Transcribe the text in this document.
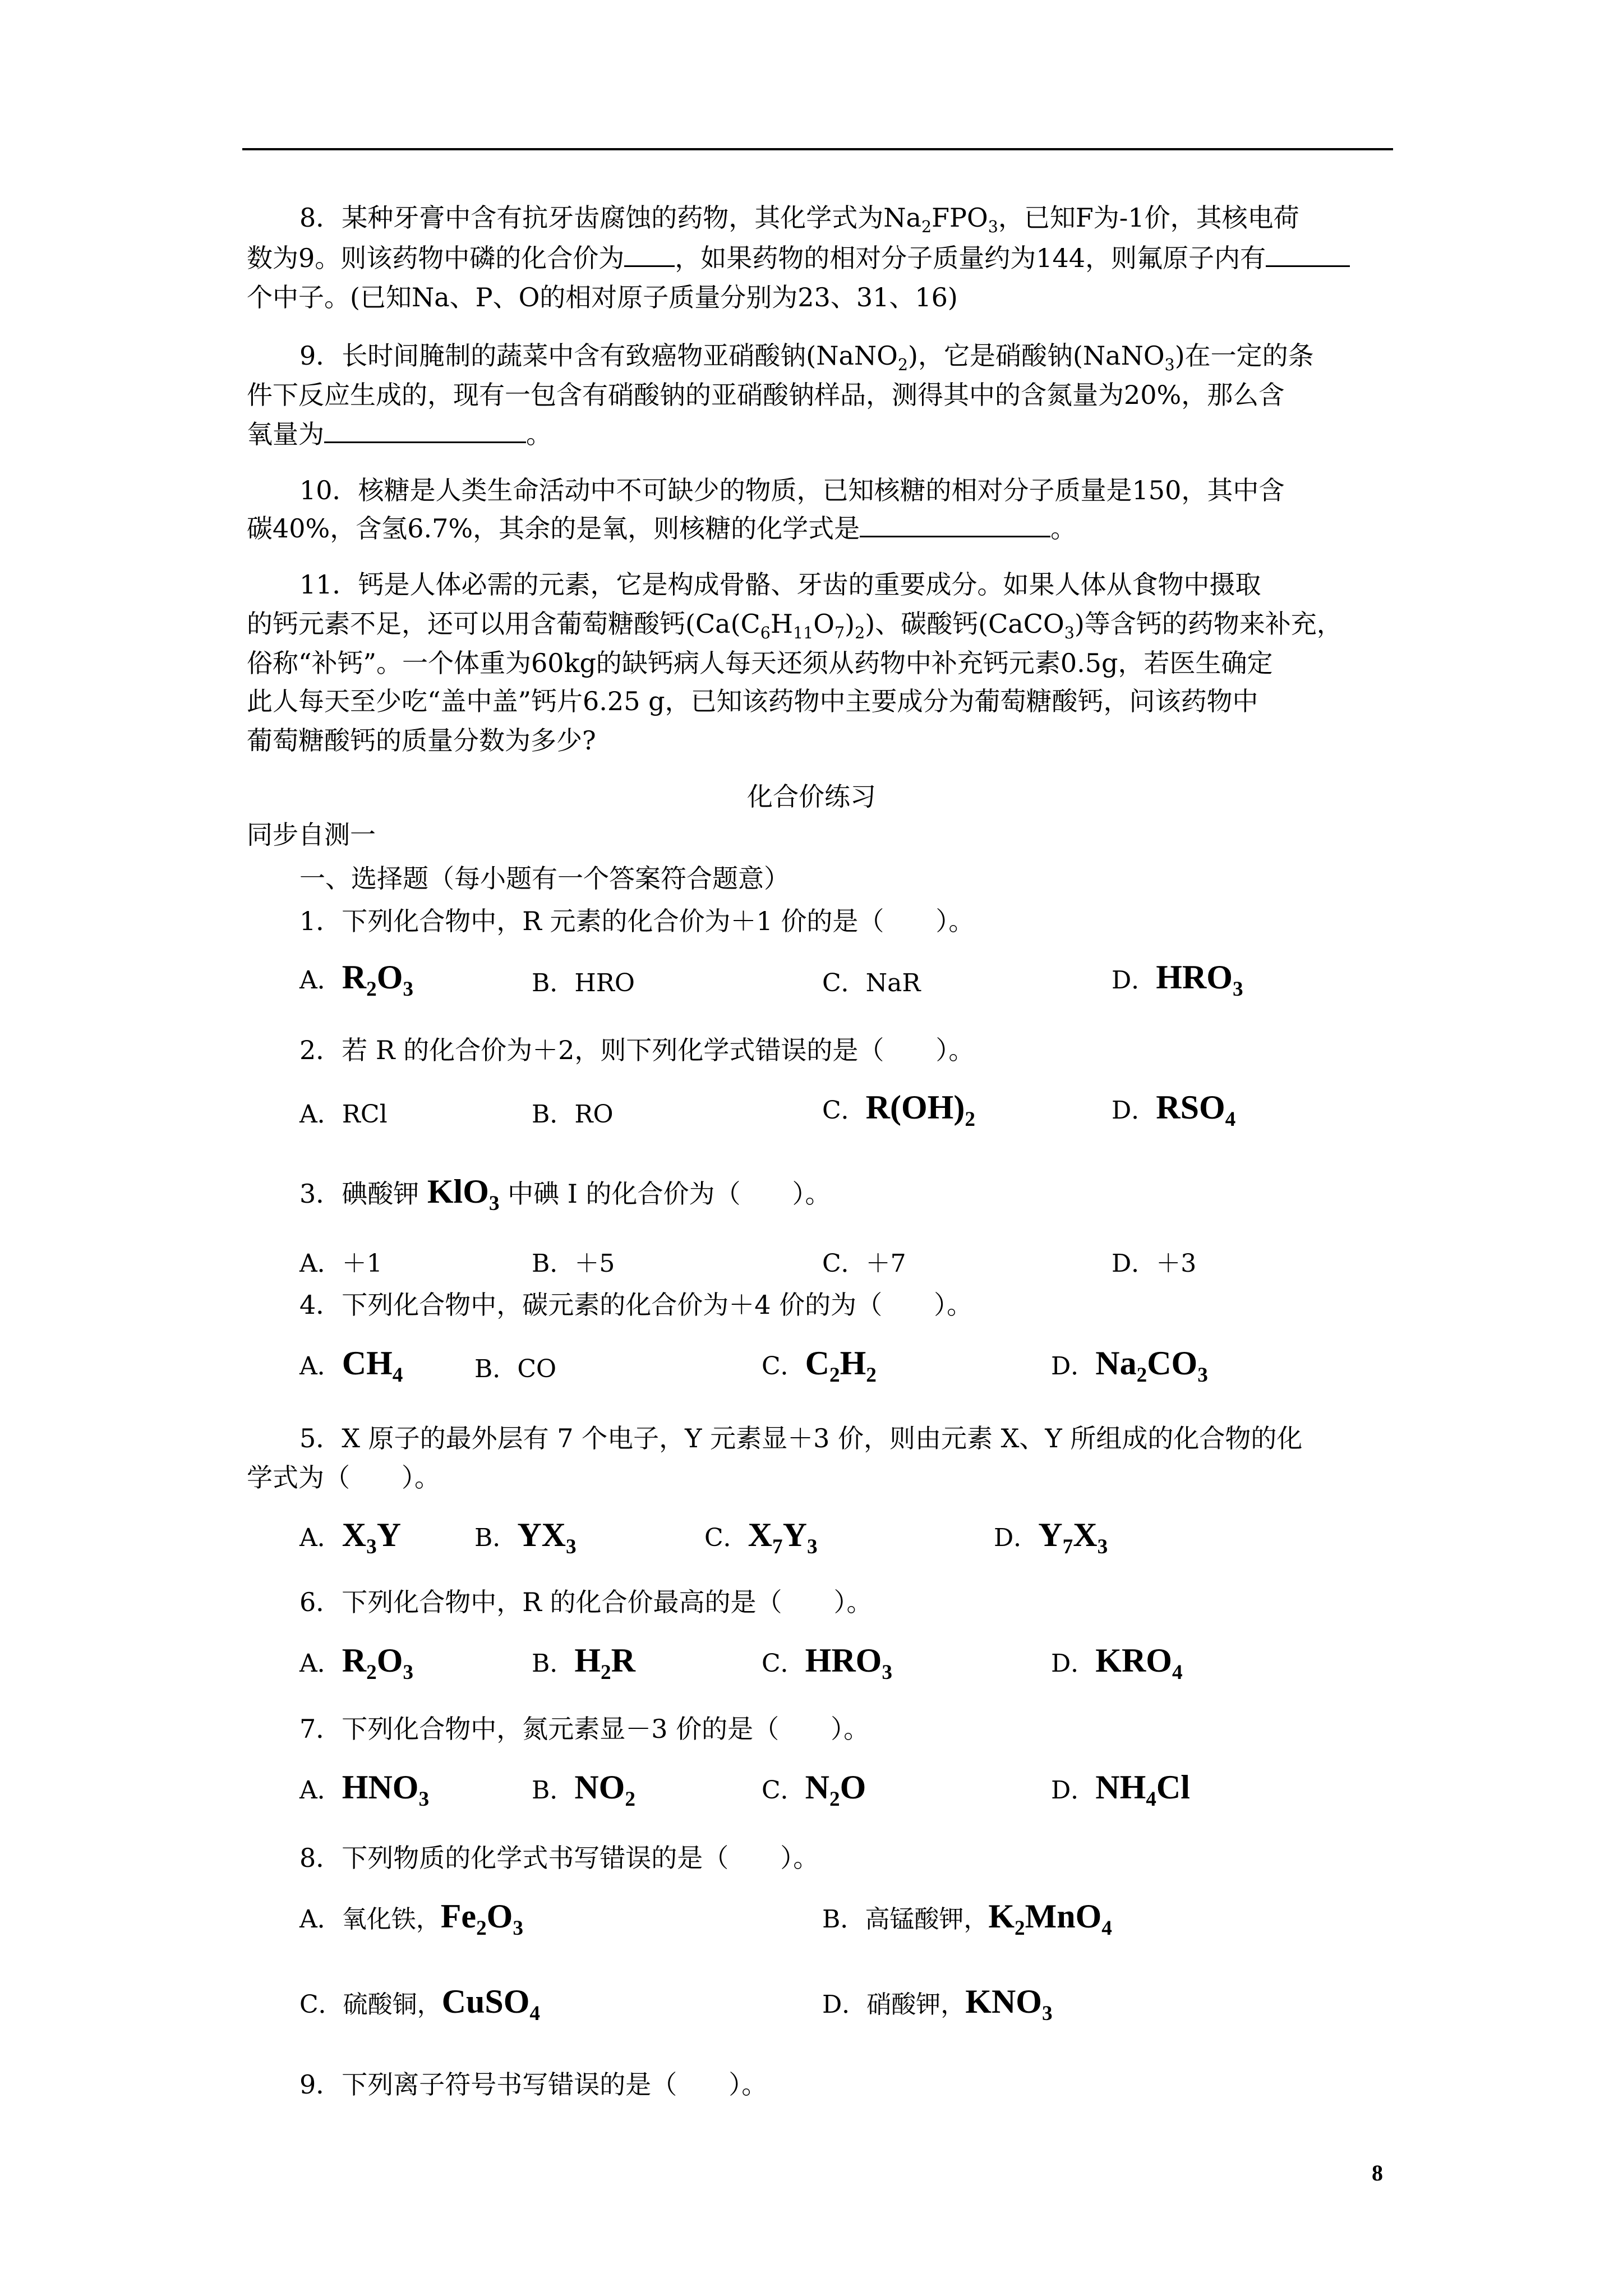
8．某种牙膏中含有抗牙齿腐蚀的药物，其化学式为$Na_2FPO_3$，已知F为-1价，其核电荷
数为9。则该药物中磷的化合价为 ，如果药物的相对分子质量约为144，则氟原子内有
个中子。(已知Na、P、O的相对原子质量分别为23、31、16)
9．长时间腌制的蔬菜中含有致癌物亚硝酸钠(NaNO$_2$)，它是硝酸钠(NaNO$_3$)在一定的条
件下反应生成的，现有一包含有硝酸钠的亚硝酸钠样品，测得其中的含氮量为20%，那么含
氧量为	。
10．核糖是人类生命活动中不可缺少的物质，已知核糖的相对分子质量是150，其中含
碳40%，含氢6.7%，其余的是氧，则核糖的化学式是	。
11．钙是人体必需的元素，它是构成骨骼、牙齿的重要成分。如果人体从食物中摄取
的钙元素不足，还可以用含葡萄糖酸钙$(Ca(C_6H_{11}O_7)_2)$、碳酸钙(CaCO$_3$)等含钙的药物来补充，
俗称“补钙”。一个体重为60kg的缺钙病人每天还须从药物中补充钙元素0.5g，若医生确定
此人每天至少吃“盖中盖”钙片6.25 g，已知该药物中主要成分为葡萄糖酸钙，问该药物中
葡萄糖酸钙的质量分数为多少?
化合价练习
同步自测一
一、选择题（每小题有一个答案符合题意）
1．下列化合物中，R 元素的化合价为＋1 价的是（　　）。
A．$R_2O_3$	B．HRO	C．NaR	D．$HRO_3$
2．若 R 的化合价为＋2，则下列化学式错误的是（　　）。
A．RCl	B．RO	C．$R(OH)_2$	D．$RSO_4$
3．碘酸钾 KlO$_3$ 中碘 I 的化合价为（　　）。
A．＋1	B．＋5	C．＋7	D．＋3
4．下列化合物中，碳元素的化合价为＋4 价的为（　　）。
A．$CH_4$	B．CO	C．$C_2H_2$	D．$Na_2CO_3$
5．X 原子的最外层有 7 个电子，Y 元素显＋3 价，则由元素 X、Y 所组成的化合物的化
学式为（　　）。
A．$X_3Y$	B．$YX_3$	C．$X_7Y_3$	D．$Y_7X_3$
6．下列化合物中，R 的化合价最高的是（　　）。
A．$R_2O_3$	B．$H_2R$	C．$HRO_3$	D．$KRO_4$
7．下列化合物中，氮元素显－3 价的是（　　）。
A．$HNO_3$	B．$NO_2$	C．$N_2O$	D．$NH_4Cl$
8．下列物质的化学式书写错误的是（　　）。
A．氧化铁，$Fe_2O_3$	B．高锰酸钾，$K_2MnO_4$
C．硫酸铜，CuSO$_4$	D．硝酸钾，$KNO_3$
9．下列离子符号书写错误的是（　　）。
8
